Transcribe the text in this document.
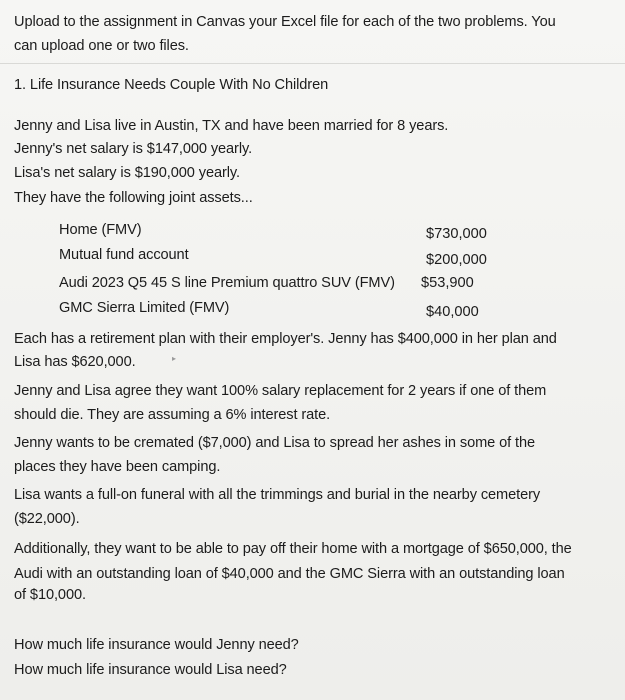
Upload to the assignment in Canvas your Excel file for each of the two problems. You
can upload one or two files.
1. Life Insurance Needs Couple With No Children
Jenny and Lisa live in Austin, TX and have been married for 8 years.
Jenny's net salary is $147,000 yearly.
Lisa's net salary is $190,000 yearly.
They have the following joint assets...
Home (FMV)	$730,000
Mutual fund account	$200,000
Audi 2023 Q5 45 S line Premium quattro SUV (FMV) $53,900
GMC Sierra Limited (FMV)	$40,000
Each has a retirement plan with their employer's. Jenny has $400,000 in her plan and
Lisa has $620,000.	▸
Jenny and Lisa agree they want 100% salary replacement for 2 years if one of them
should die. They are assuming a 6% interest rate.
Jenny wants to be cremated ($7,000) and Lisa to spread her ashes in some of the
places they have been camping.
Lisa wants a full-on funeral with all the trimmings and burial in the nearby cemetery
($22,000).
Additionally, they want to be able to pay off their home with a mortgage of $650,000, the
Audi with an outstanding loan of $40,000 and the GMC Sierra with an outstanding loan
of $10,000.
How much life insurance would Jenny need?
How much life insurance would Lisa need?
